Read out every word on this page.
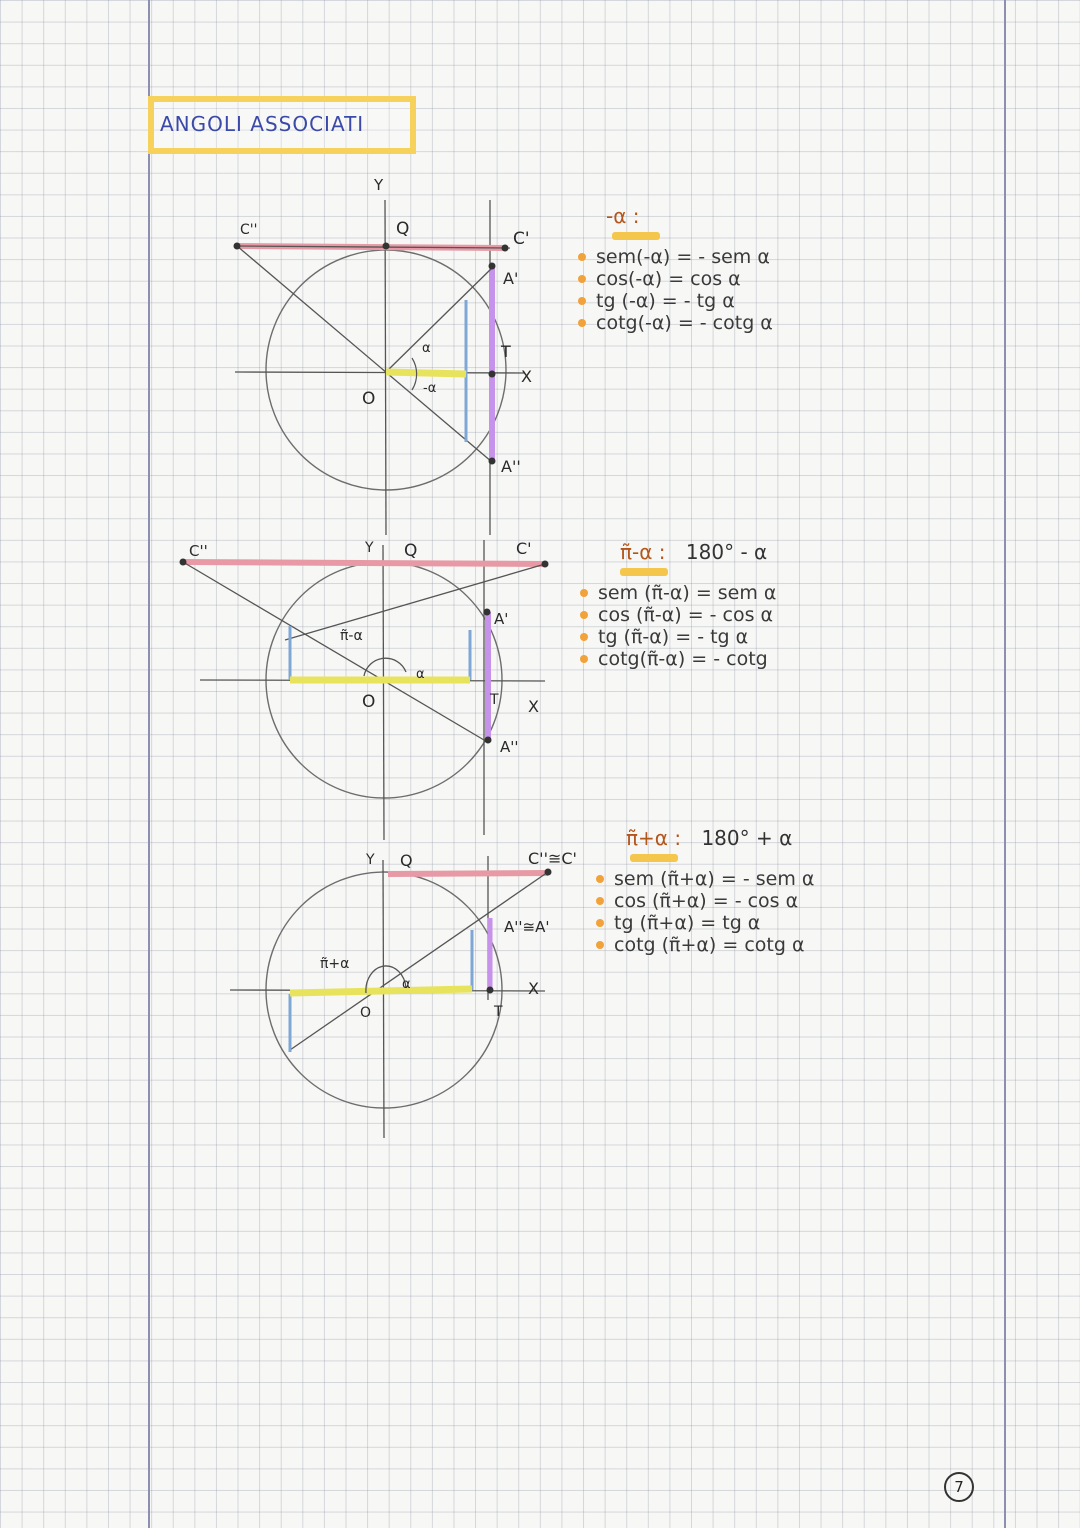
ANGOLI ASSOCIATI
Y
Q
C''	C'
A'
T
X
A''
O
α
-α
C''	Y Q	C'
A'
T X
A''
O
π̃-α
α
Y Q	C''≅C'
A''≅A'
T
X
O
π̃+α
α
-α :
sem(-α) = - sem α
cos(-α) = cos α
tg (-α) = - tg α
cotg(-α) = - cotg α
π̃-α : 180° - α
sem (π̃-α) = sem α
cos (π̃-α) = - cos α
tg (π̃-α) = - tg α
cotg(π̃-α) = - cotg
π̃+α : 180° + α
sem (π̃+α) = - sem α
cos (π̃+α) = - cos α
tg (π̃+α) = tg α
cotg (π̃+α) = cotg α
7
